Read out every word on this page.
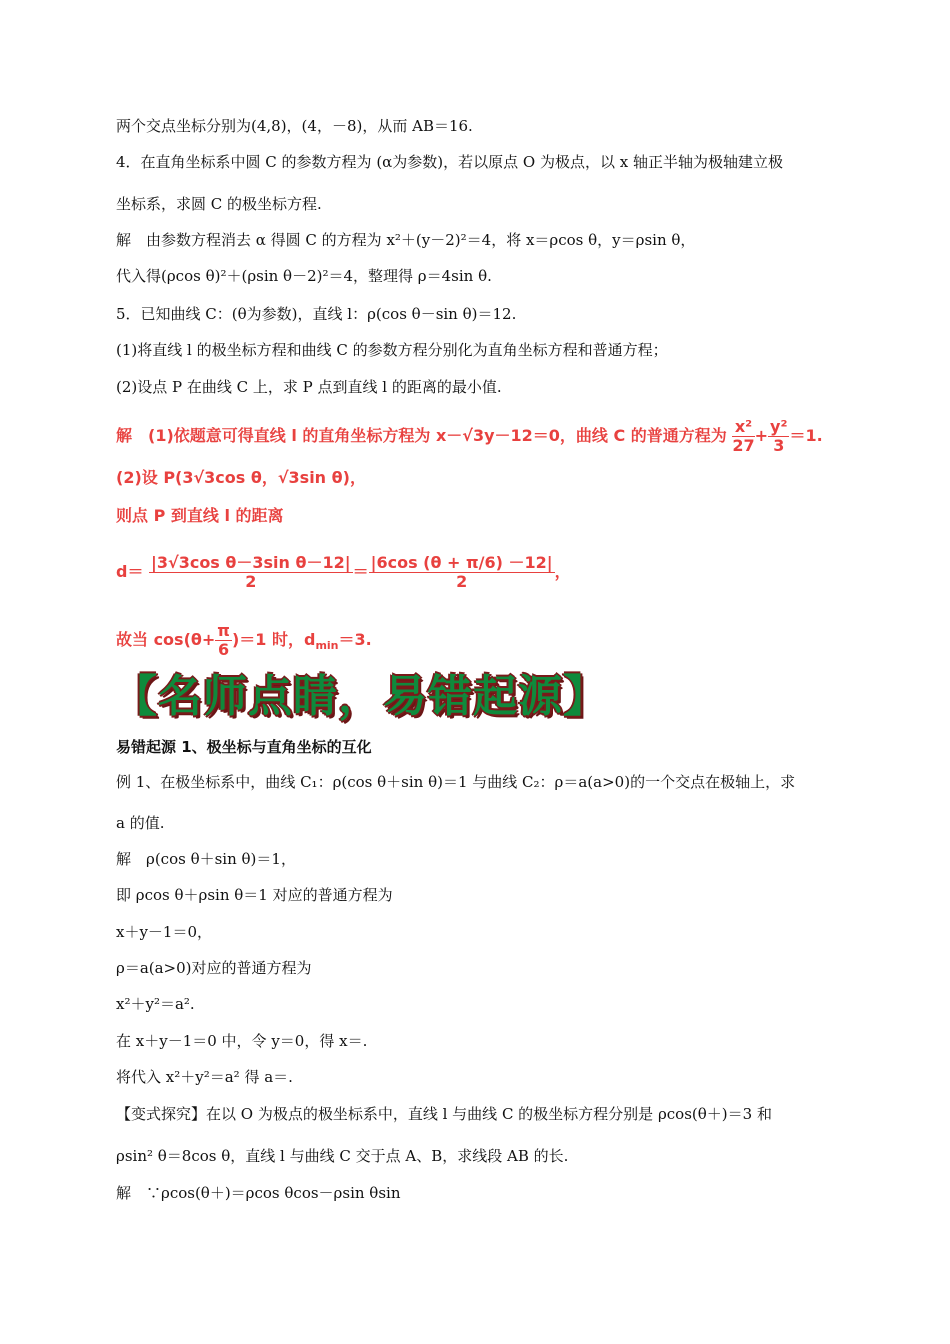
两个交点坐标分别为(4,8)，(4，－8)，从而 AB＝16.
4．在直角坐标系中圆 C 的参数方程为 (α为参数)，若以原点 O 为极点，以 x 轴正半轴为极轴建立极
坐标系，求圆 C 的极坐标方程.
解　由参数方程消去 α 得圆 C 的方程为 x²＋(y－2)²＝4，将 x＝ρcos θ，y＝ρsin θ，
代入得(ρcos θ)²＋(ρsin θ－2)²＝4，整理得 ρ＝4sin θ.
5．已知曲线 C：(θ为参数)，直线 l：ρ(cos θ－sin θ)＝12.
(1)将直线 l 的极坐标方程和曲线 C 的参数方程分别化为直角坐标方程和普通方程；
(2)设点 P 在曲线 C 上，求 P 点到直线 l 的距离的最小值.
解　(1)依题意可得直线 l 的直角坐标方程为 x－√3y－12＝0，曲线 C 的普通方程为 $\frac{\text{x²}}{27} + \frac{\text{y²}}{3} =1$.
(2)设 P(3√3cos θ，√3sin θ)，
则点 P 到直线 l 的距离
$d= \frac{\text{|3√3cos θ－3sin θ－12|}}{2} = \frac{|6\cos (\theta + \pi/6) -12|}{2}$ ，
故当 $\cos(\theta+ \frac{\pi}{6} )=1$ 时，$d_{min}=3$.
【名师点睛，易错起源】
易错起源 1、极坐标与直角坐标的互化
例 1、在极坐标系中，曲线 C₁：ρ(cos θ＋sin θ)＝1 与曲线 C₂：ρ＝a(a>0)的一个交点在极轴上，求
a 的值.
解　ρ(cos θ＋sin θ)＝1，
即 ρcos θ＋ρsin θ＝1 对应的普通方程为
x＋y－1＝0，
ρ＝a(a>0)对应的普通方程为
x²＋y²＝a².
在 x＋y－1＝0 中，令 y＝0，得 x＝.
将代入 x²＋y²＝a² 得 a＝.
【变式探究】在以 O 为极点的极坐标系中，直线 l 与曲线 C 的极坐标方程分别是 ρcos(θ＋)＝3 和
ρsin² θ＝8cos θ，直线 l 与曲线 C 交于点 A、B，求线段 AB 的长.
解　∵ρcos(θ＋)＝ρcos θcos－ρsin θsin
